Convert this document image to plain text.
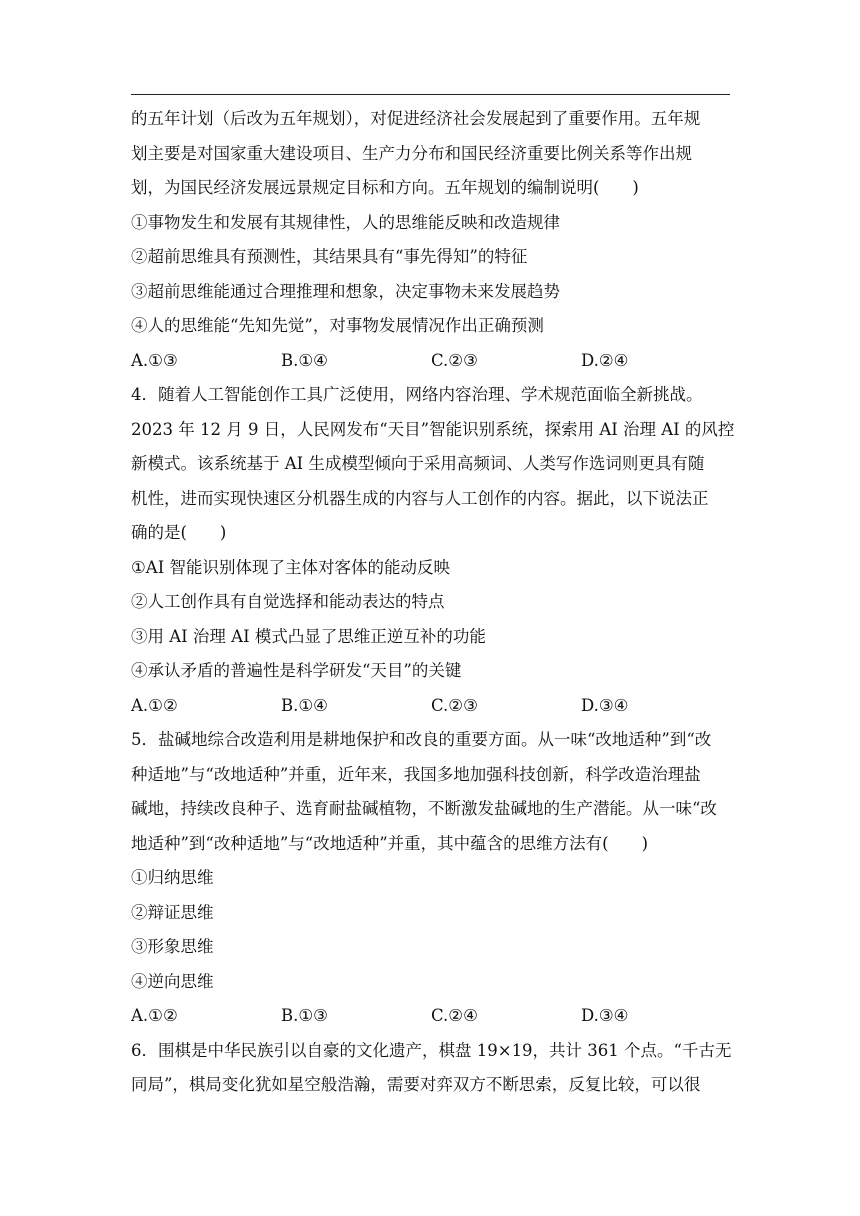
的五年计划（后改为五年规划），对促进经济社会发展起到了重要作用。五年规
划主要是对国家重大建设项目、生产力分布和国民经济重要比例关系等作出规
划，为国民经济发展远景规定目标和方向。五年规划的编制说明(　　)
①事物发生和发展有其规律性，人的思维能反映和改造规律
②超前思维具有预测性，其结果具有“事先得知”的特征
③超前思维能通过合理推理和想象，决定事物未来发展趋势
④人的思维能“先知先觉”，对事物发展情况作出正确预测
A.①③	B.①④	C.②③	D.②④
4．随着人工智能创作工具广泛使用，网络内容治理、学术规范面临全新挑战。
2023 年 12 月 9 日，人民网发布“天目”智能识别系统，探索用 AI 治理 AI 的风控
新模式。该系统基于 AI 生成模型倾向于采用高频词、人类写作选词则更具有随
机性，进而实现快速区分机器生成的内容与人工创作的内容。据此，以下说法正
确的是(　　)
①AI 智能识别体现了主体对客体的能动反映
②人工创作具有自觉选择和能动表达的特点
③用 AI 治理 AI 模式凸显了思维正逆互补的功能
④承认矛盾的普遍性是科学研发“天目”的关键
A.①②	B.①④	C.②③	D.③④
5．盐碱地综合改造利用是耕地保护和改良的重要方面。从一味“改地适种”到“改
种适地”与“改地适种”并重，近年来，我国多地加强科技创新，科学改造治理盐
碱地，持续改良种子、选育耐盐碱植物，不断激发盐碱地的生产潜能。从一味“改
地适种”到“改种适地”与“改地适种”并重，其中蕴含的思维方法有(　　)
①归纳思维
②辩证思维
③形象思维
④逆向思维
A.①②	B.①③	C.②④	D.③④
6．围棋是中华民族引以自豪的文化遗产，棋盘 19×19，共计 361 个点。“千古无
同局”，棋局变化犹如星空般浩瀚，需要对弈双方不断思索，反复比较，可以很
